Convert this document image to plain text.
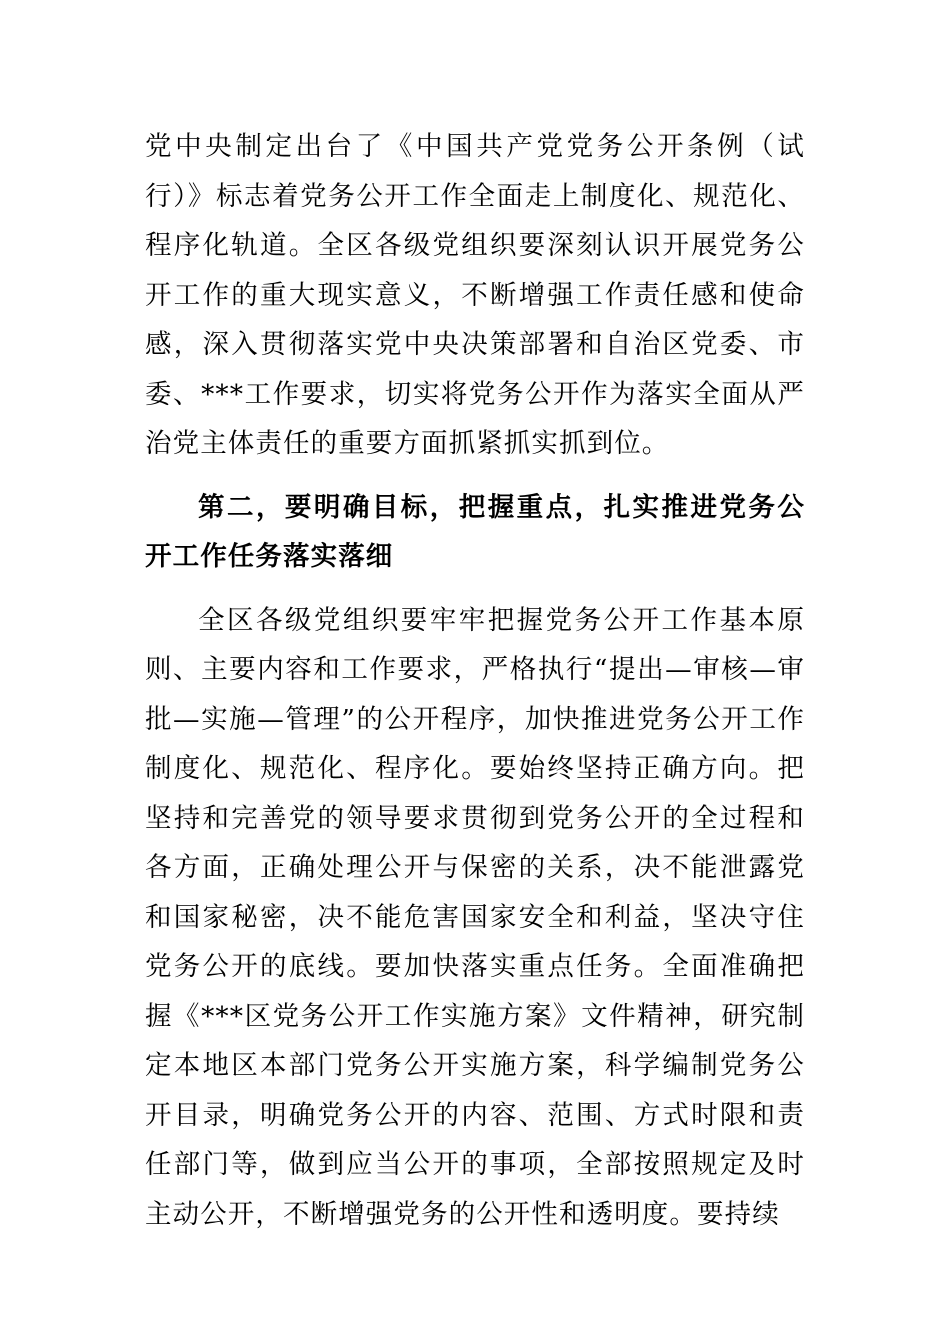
党中央制定出台了《中国共产党党务公开条例（试行）》标志着党务公开工作全面走上制度化、规范化、程序化轨道。全区各级党组织要深刻认识开展党务公开工作的重大现实意义，不断增强工作责任感和使命感，深入贯彻落实党中央决策部署和自治区党委、市委、***工作要求，切实将党务公开作为落实全面从严治党主体责任的重要方面抓紧抓实抓到位。

第二，要明确目标，把握重点，扎实推进党务公开工作任务落实落细

全区各级党组织要牢牢把握党务公开工作基本原则、主要内容和工作要求，严格执行“提出—审核—审批—实施—管理”的公开程序，加快推进党务公开工作制度化、规范化、程序化。要始终坚持正确方向。把坚持和完善党的领导要求贯彻到党务公开的全过程和各方面，正确处理公开与保密的关系，决不能泄露党和国家秘密，决不能危害国家安全和利益，坚决守住党务公开的底线。要加快落实重点任务。全面准确把握《***区党务公开工作实施方案》文件精神，研究制定本地区本部门党务公开实施方案，科学编制党务公开目录，明确党务公开的内容、范围、方式时限和责任部门等，做到应当公开的事项，全部按照规定及时主动公开，不断增强党务的公开性和透明度。要持续
